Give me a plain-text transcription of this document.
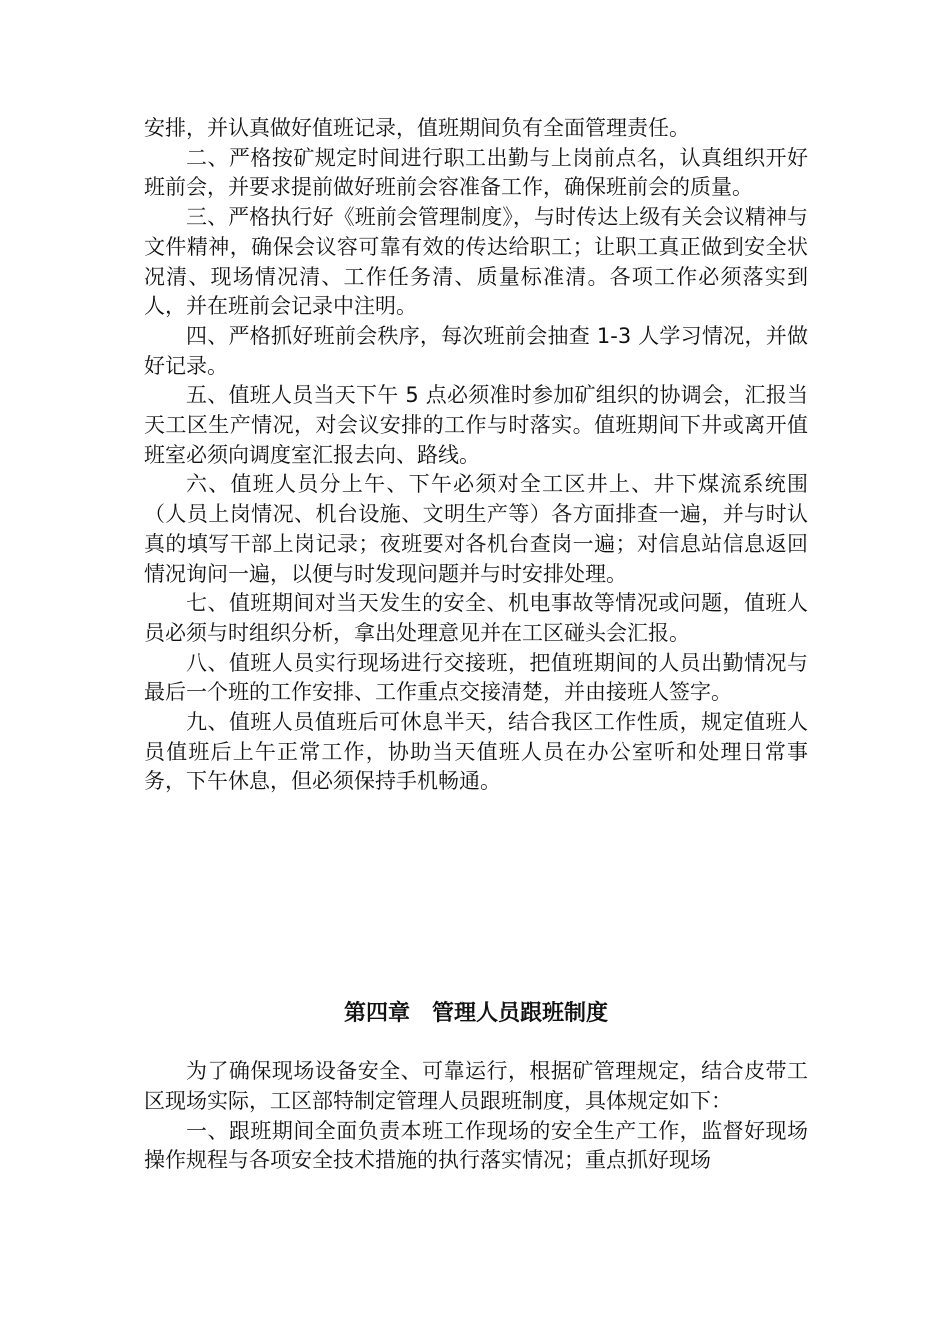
安排，并认真做好值班记录，值班期间负有全面管理责任。

二、严格按矿规定时间进行职工出勤与上岗前点名，认真组织开好班前会，并要求提前做好班前会容准备工作，确保班前会的质量。

三、严格执行好《班前会管理制度》，与时传达上级有关会议精神与文件精神，确保会议容可靠有效的传达给职工；让职工真正做到安全状况清、现场情况清、工作任务清、质量标准清。各项工作必须落实到人，并在班前会记录中注明。

四、严格抓好班前会秩序，每次班前会抽查 1-3 人学习情况，并做好记录。

五、值班人员当天下午 5 点必须准时参加矿组织的协调会，汇报当天工区生产情况，对会议安排的工作与时落实。值班期间下井或离开值班室必须向调度室汇报去向、路线。

六、值班人员分上午、下午必须对全工区井上、井下煤流系统围（人员上岗情况、机台设施、文明生产等）各方面排查一遍，并与时认真的填写干部上岗记录；夜班要对各机台查岗一遍；对信息站信息返回情况询问一遍，以便与时发现问题并与时安排处理。

七、值班期间对当天发生的安全、机电事故等情况或问题，值班人员必须与时组织分析，拿出处理意见并在工区碰头会汇报。

八、值班人员实行现场进行交接班，把值班期间的人员出勤情况与最后一个班的工作安排、工作重点交接清楚，并由接班人签字。

九、值班人员值班后可休息半天，结合我区工作性质，规定值班人员值班后上午正常工作，协助当天值班人员在办公室听和处理日常事务，下午休息，但必须保持手机畅通。

第四章　管理人员跟班制度

为了确保现场设备安全、可靠运行，根据矿管理规定，结合皮带工区现场实际，工区部特制定管理人员跟班制度，具体规定如下：

一、跟班期间全面负责本班工作现场的安全生产工作，监督好现场操作规程与各项安全技术措施的执行落实情况；重点抓好现场
